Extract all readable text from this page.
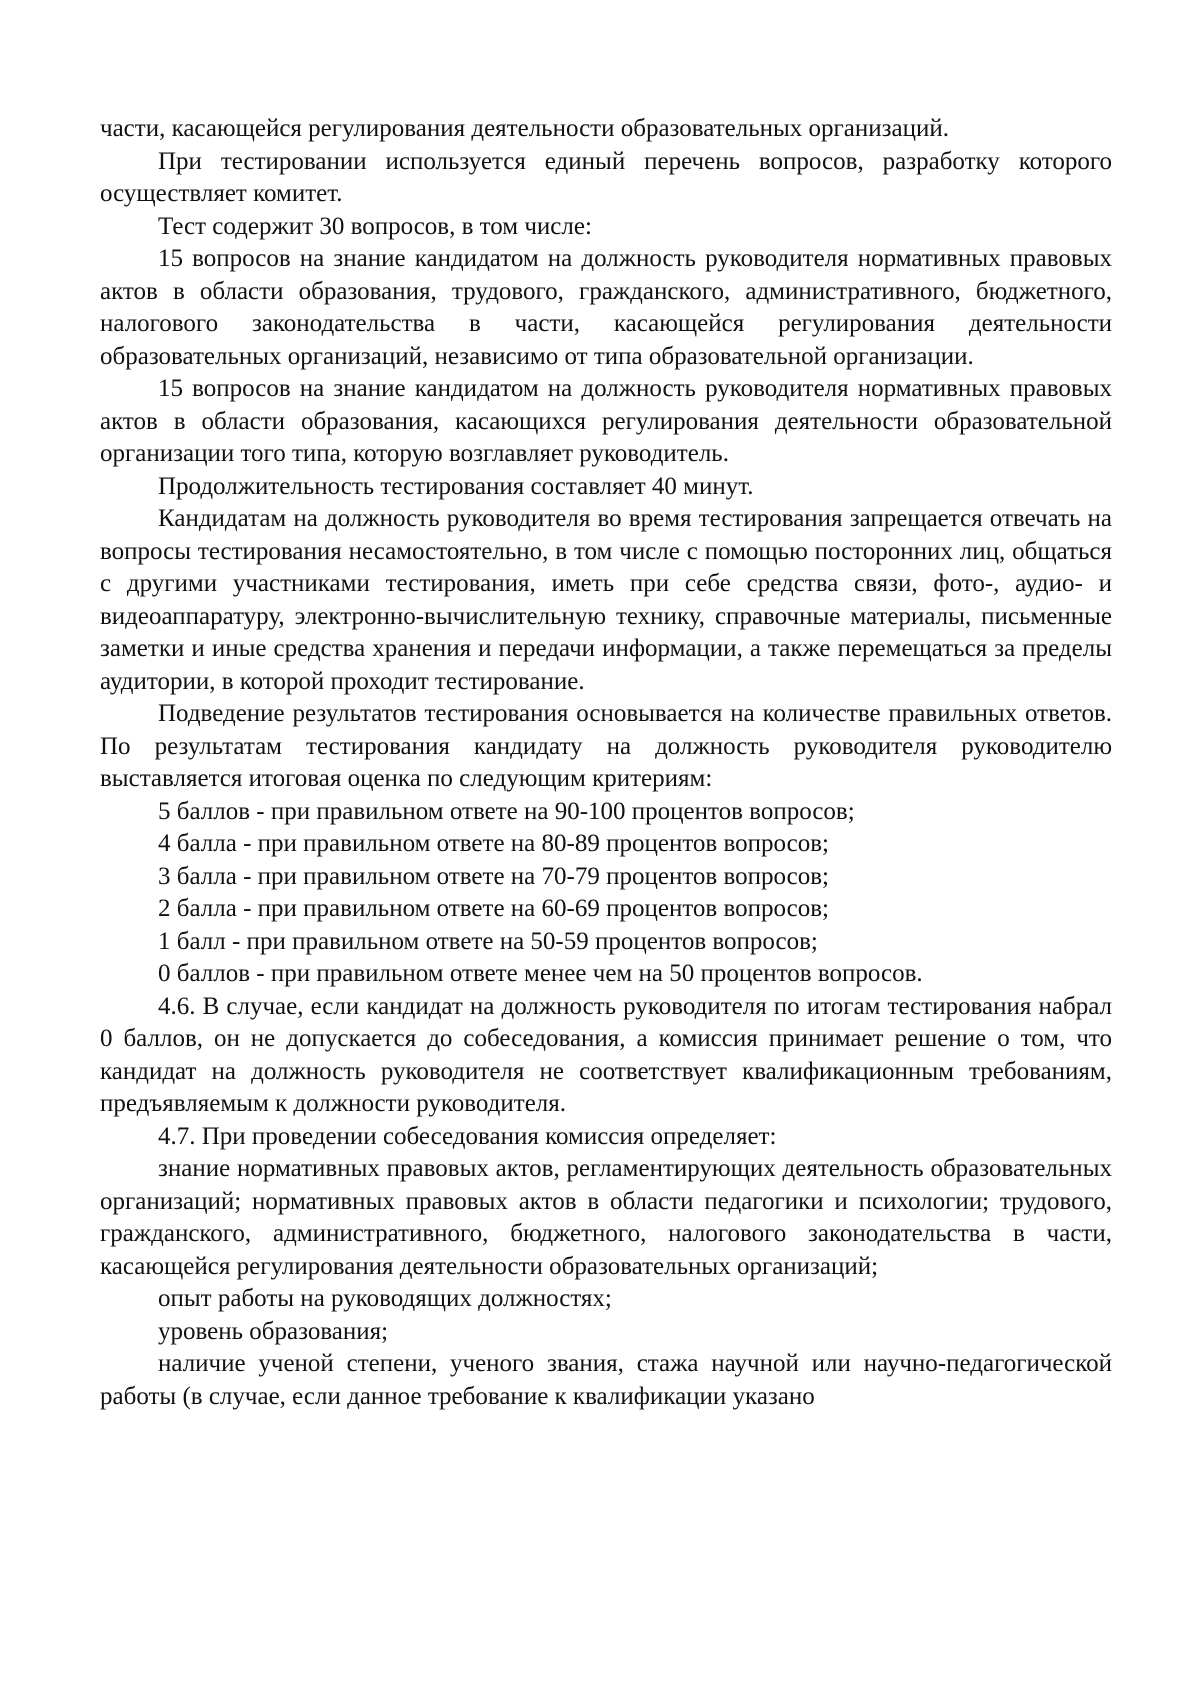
части, касающейся регулирования деятельности образовательных организаций.

При тестировании используется единый перечень вопросов, разработку которого осуществляет комитет.

Тест содержит 30 вопросов, в том числе:

15 вопросов на знание кандидатом на должность руководителя нормативных правовых актов в области образования, трудового, гражданского, административного, бюджетного, налогового законодательства в части, касающейся регулирования деятельности образовательных организаций, независимо от типа образовательной организации.

15 вопросов на знание кандидатом на должность руководителя нормативных правовых актов в области образования, касающихся регулирования деятельности образовательной организации того типа, которую возглавляет руководитель.

Продолжительность тестирования составляет 40 минут.

Кандидатам на должность руководителя во время тестирования запрещается отвечать на вопросы тестирования несамостоятельно, в том числе с помощью посторонних лиц, общаться с другими участниками тестирования, иметь при себе средства связи, фото-, аудио- и видеоаппаратуру, электронно-вычислительную технику, справочные материалы, письменные заметки и иные средства хранения и передачи информации, а также перемещаться за пределы аудитории, в которой проходит тестирование.

Подведение результатов тестирования основывается на количестве правильных ответов. По результатам тестирования кандидату на должность руководителя руководителю выставляется итоговая оценка по следующим критериям:

5 баллов - при правильном ответе на 90-100 процентов вопросов;

4 балла - при правильном ответе на 80-89 процентов вопросов;

3 балла - при правильном ответе на 70-79 процентов вопросов;

2 балла - при правильном ответе на 60-69 процентов вопросов;

1 балл - при правильном ответе на 50-59 процентов вопросов;

0 баллов - при правильном ответе менее чем на 50 процентов вопросов.

4.6. В случае, если кандидат на должность руководителя по итогам тестирования набрал 0 баллов, он не допускается до собеседования, а комиссия принимает решение о том, что кандидат на должность руководителя не соответствует квалификационным требованиям, предъявляемым к должности руководителя.

4.7. При проведении собеседования комиссия определяет:

знание нормативных правовых актов, регламентирующих деятельность образовательных организаций; нормативных правовых актов в области педагогики и психологии; трудового, гражданского, административного, бюджетного, налогового законодательства в части, касающейся регулирования деятельности образовательных организаций;

опыт работы на руководящих должностях;

уровень образования;

наличие ученой степени, ученого звания, стажа научной или научно-педагогической работы (в случае, если данное требование к квалификации указано
